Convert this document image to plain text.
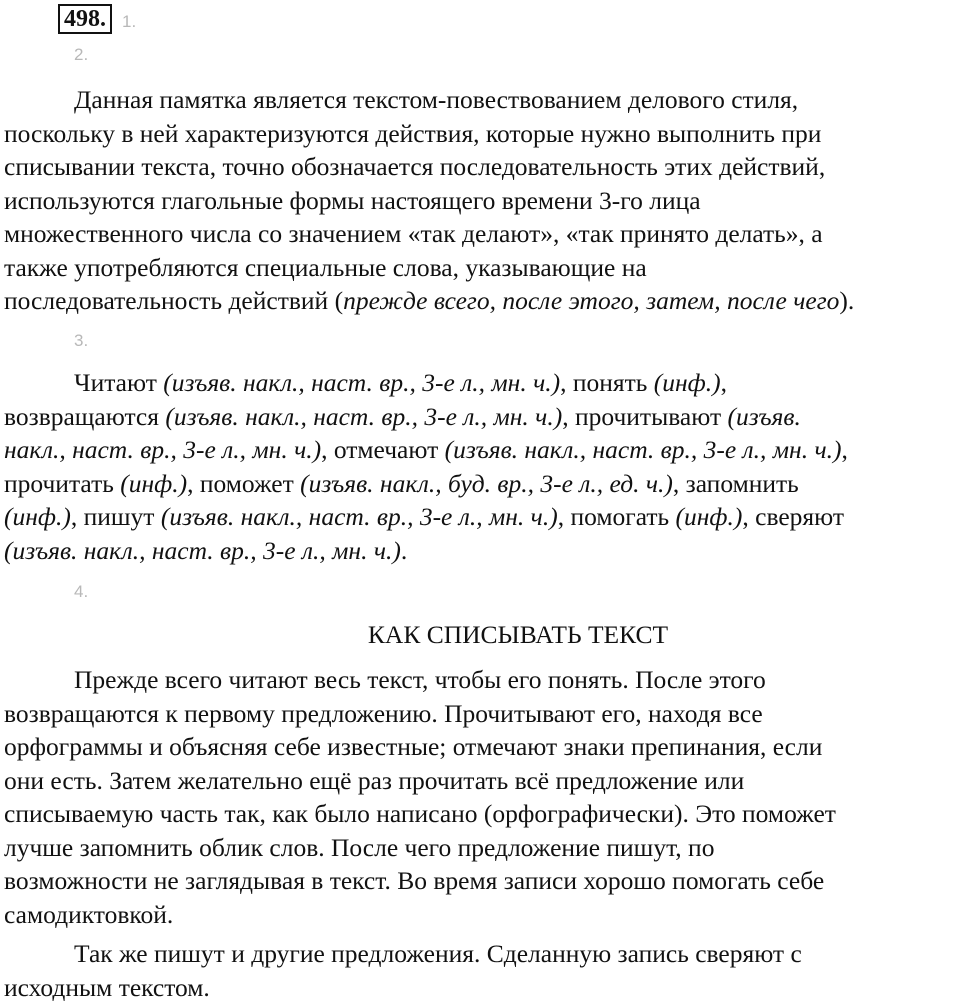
498. 1.
2.
Данная памятка является текстом-повествованием делового стиля,
поскольку в ней характеризуются действия, которые нужно выполнить при
списывании текста, точно обозначается последовательность этих действий,
используются глагольные формы настоящего времени 3-го лица
множественного числа со значением «так делают», «так принято делать», а
также употребляются специальные слова, указывающие на
последовательность действий (прежде всего, после этого, затем, после чего).
3.
Читают (изъяв. накл., наст. вр., 3-е л., мн. ч.), понять (инф.),
возвращаются (изъяв. накл., наст. вр., 3-е л., мн. ч.), прочитывают (изъяв.
накл., наст. вр., 3-е л., мн. ч.), отмечают (изъяв. накл., наст. вр., 3-е л., мн. ч.),
прочитать (инф.), поможет (изъяв. накл., буд. вр., 3-е л., ед. ч.), запомнить
(инф.), пишут (изъяв. накл., наст. вр., 3-е л., мн. ч.), помогать (инф.), сверяют
(изъяв. накл., наст. вр., 3-е л., мн. ч.).
4.
КАК СПИСЫВАТЬ ТЕКСТ
Прежде всего читают весь текст, чтобы его понять. После этого
возвращаются к первому предложению. Прочитывают его, находя все
орфограммы и объясняя себе известные; отмечают знаки препинания, если
они есть. Затем желательно ещё раз прочитать всё предложение или
списываемую часть так, как было написано (орфографически). Это поможет
лучше запомнить облик слов. После чего предложение пишут, по
возможности не заглядывая в текст. Во время записи хорошо помогать себе
самодиктовкой.
Так же пишут и другие предложения. Сделанную запись сверяют с
исходным текстом.
